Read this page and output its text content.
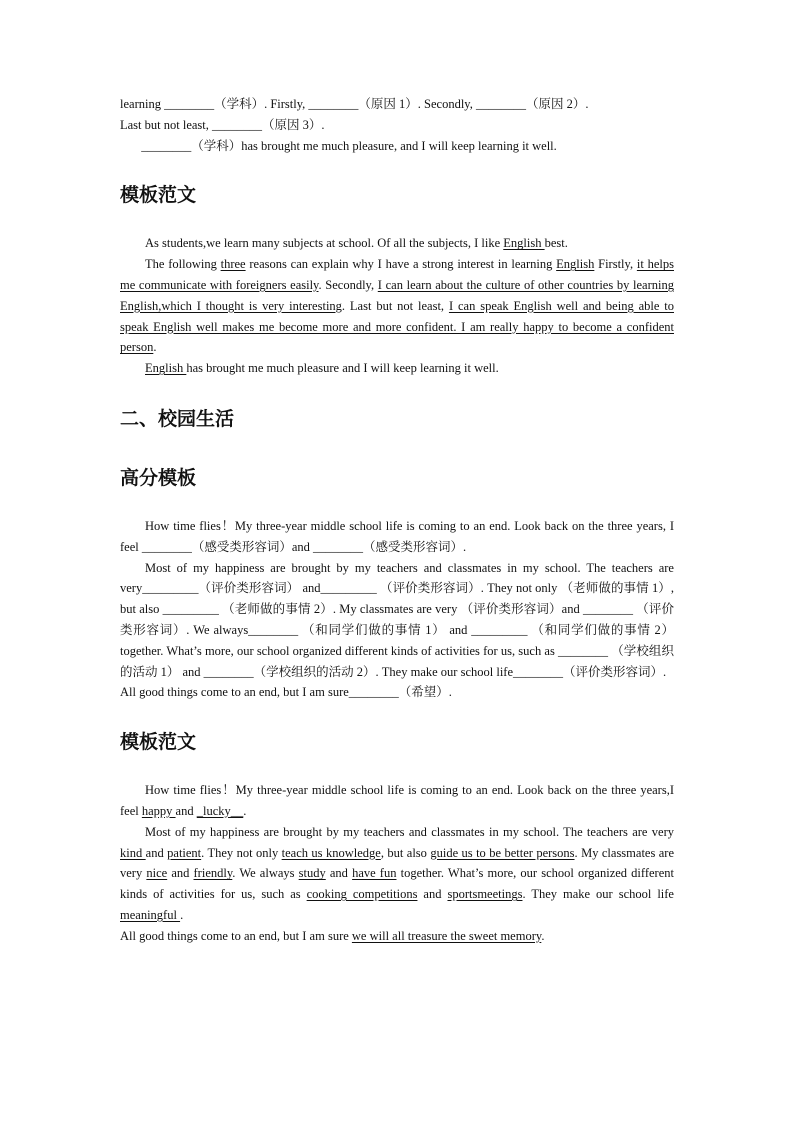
learning ________（学科）. Firstly, ________（原因 1）. Secondly, ________（原因 2）.

Last but not least, ________（原因 3）.

________（学科）has brought me much pleasure, and I will keep learning it well.

模板范文

As students,we learn many subjects at school. Of all the subjects, I like English best.

The following three reasons can explain why I have a strong interest in learning English Firstly, it helps me communicate with foreigners easily. Secondly, I can learn about the culture of other countries by learning English,which I thought is very interesting. Last but not least, I can speak English well and being able to speak English well makes me become more and more confident. I am really happy to become a confident person.

English has brought me much pleasure and I will keep learning it well.

二、校园生活
高分模板

How time flies！My three-year middle school life is coming to an end. Look back on the three years, I feel ________（感受类形容词）and ________（感受类形容词）.

Most of my happiness are brought by my teachers and classmates in my school. The teachers are very_________（评价类形容词） and_________ （评价类形容词）. They not only （老师做的事情 1）, but also _________ （老师做的事情 2）. My classmates are very （评价类形容词）and ________ （评价类形容词）. We always________ （和同学们做的事情 1） and _________ （和同学们做的事情 2）together. What’s more, our school organized different kinds of activities for us, such as ________ （学校组织的活动 1） and ________（学校组织的活动 2）. They make our school life________（评价类形容词）.

All good things come to an end, but I am sure________（希望）.

模板范文

How time flies！My three-year middle school life is coming to an end. Look back on the three years,I feel happy and _lucky__.

Most of my happiness are brought by my teachers and classmates in my school. The teachers are very kind and patient. They not only teach us knowledge, but also guide us to be better persons. My classmates are very nice and friendly. We always study and have fun together. What’s more, our school organized different kinds of activities for us, such as cooking competitions and sportsmeetings. They make our school life meaningful .

All good things come to an end, but I am sure we will all treasure the sweet memory.
